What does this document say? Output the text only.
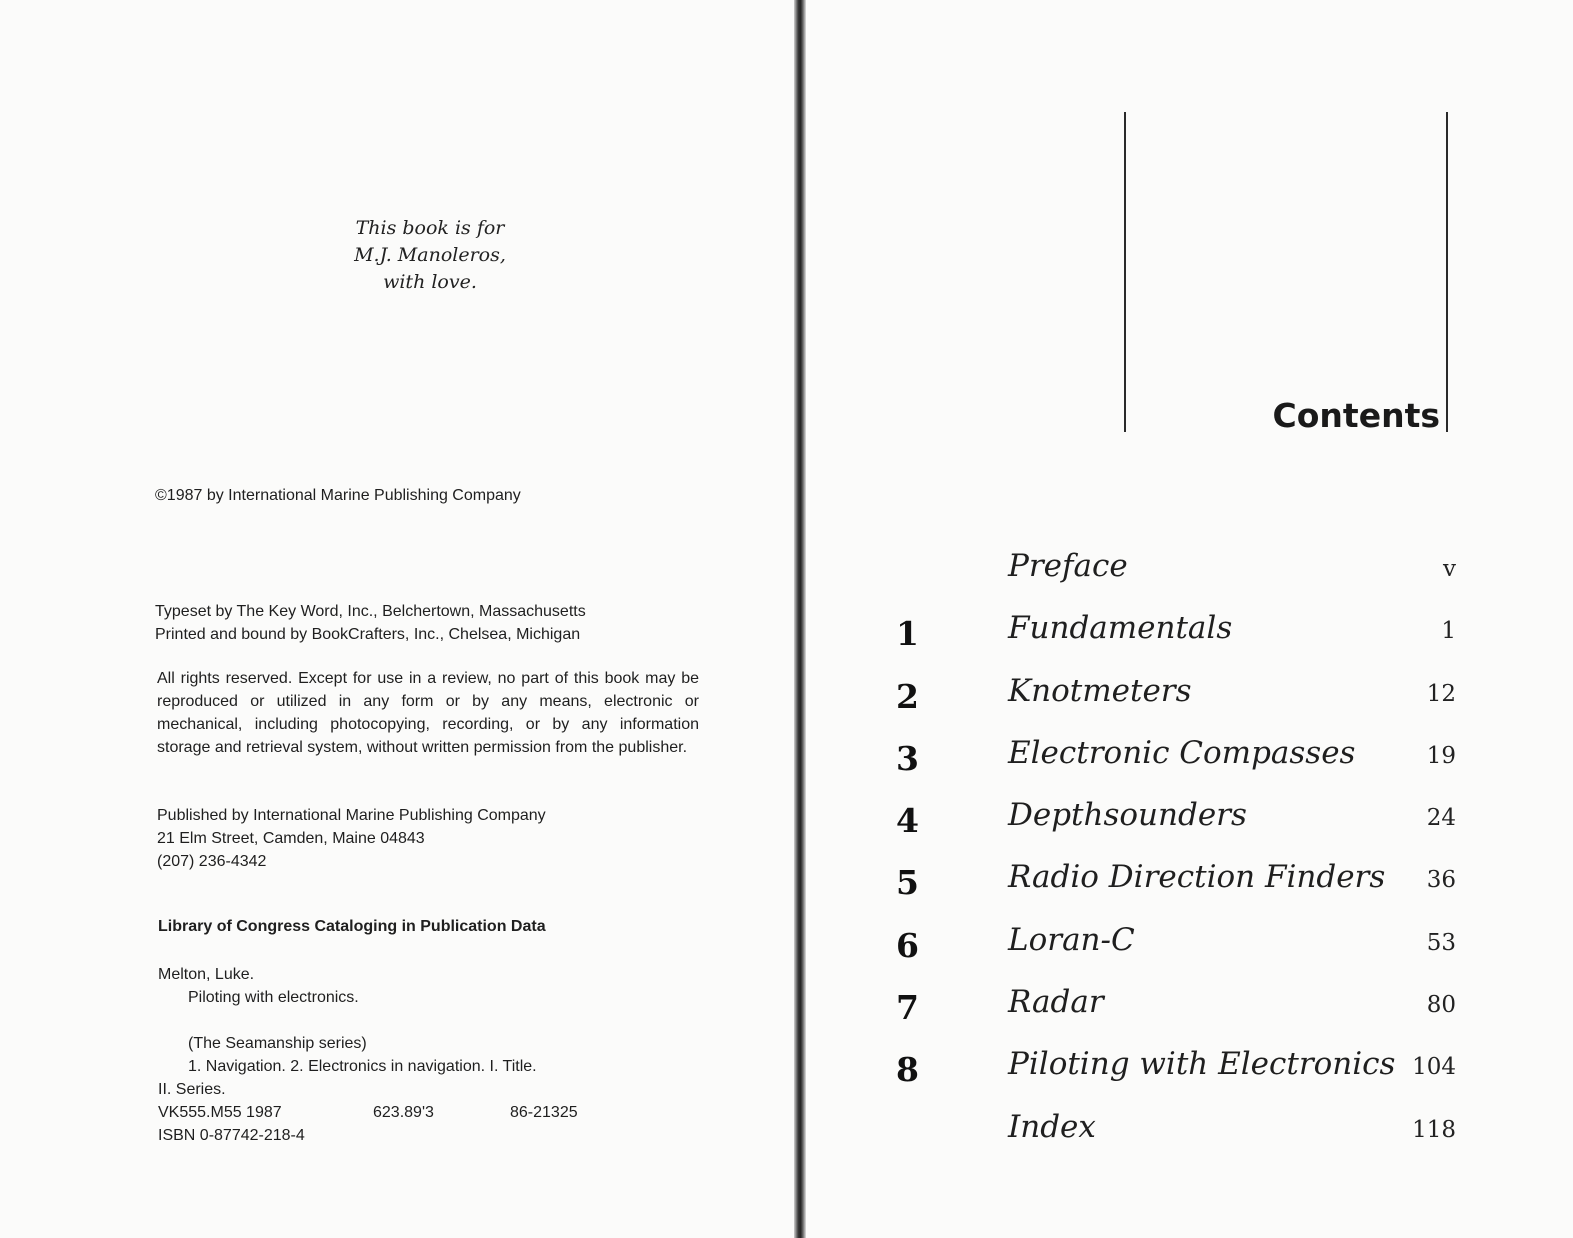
This book is for
M.J. Manoleros,
with love.
©1987 by International Marine Publishing Company
Typeset by The Key Word, Inc., Belchertown, Massachusetts
Printed and bound by BookCrafters, Inc., Chelsea, Michigan
All rights reserved. Except for use in a review, no part of this book may be reproduced or utilized in any form or by any means, electronic or mechanical, including photocopying, recording, or by any information storage and retrieval system, without written permission from the publisher.
Published by International Marine Publishing Company
21 Elm Street, Camden, Maine 04843
(207) 236-4342
Library of Congress Cataloging in Publication Data
Melton, Luke.
Piloting with electronics.
(The Seamanship series)
1. Navigation. 2. Electronics in navigation. I. Title.
II. Series.
VK555.M55 1987	623.89'3	86-21325
ISBN 0-87742-218-4
Contents
Preface	v
1	Fundamentals	1
2	Knotmeters	12
3	Electronic Compasses	19
4	Depthsounders	24
5	Radio Direction Finders 36
6	Loran-C	53
7	Radar	80
8	Piloting with Electronics 104
Index	118
